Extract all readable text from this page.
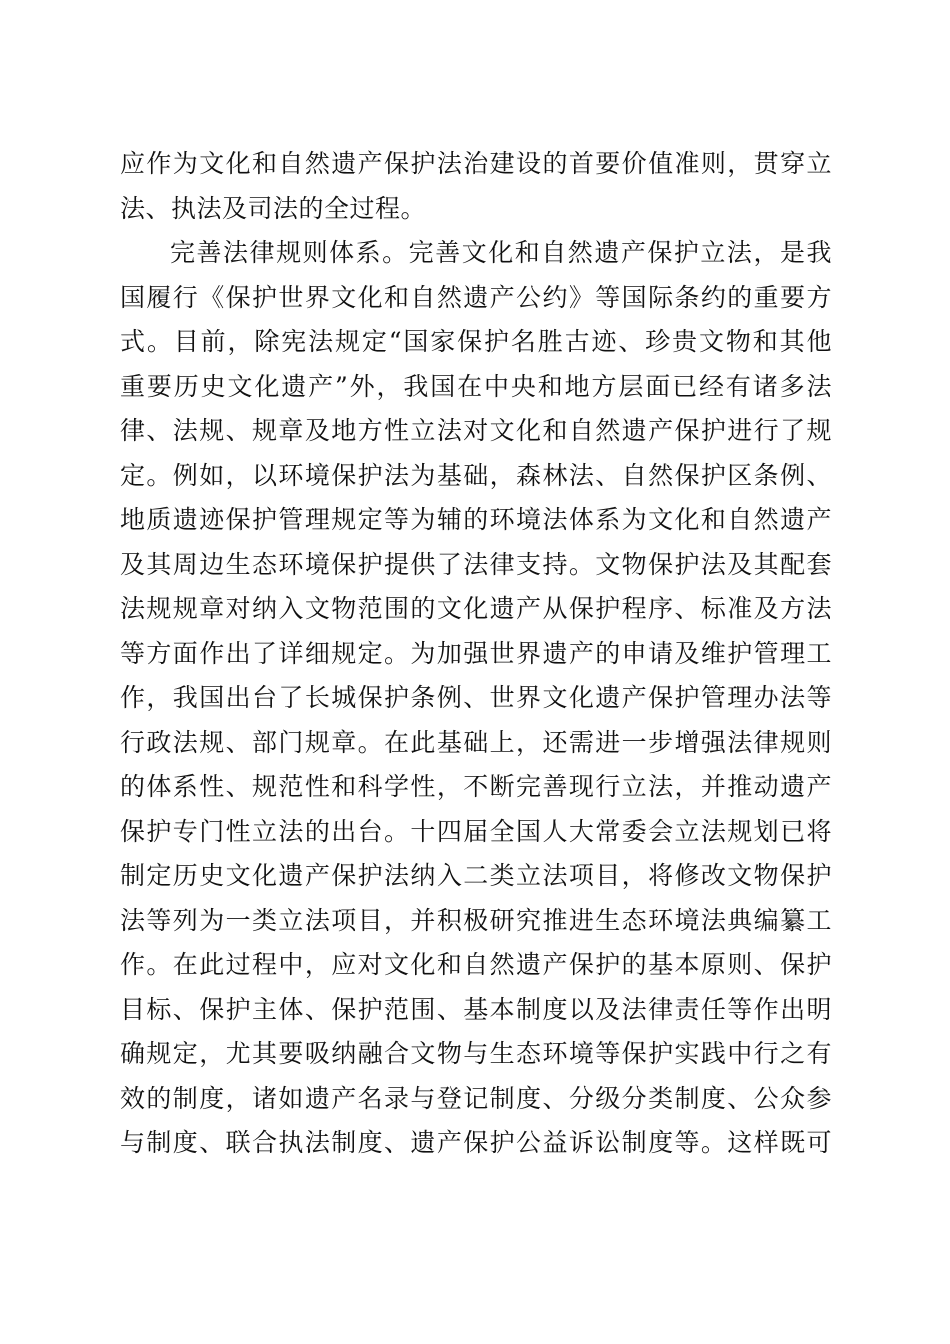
应作为文化和自然遗产保护法治建设的首要价值准则，贯穿立
法、执法及司法的全过程。
完善法律规则体系。完善文化和自然遗产保护立法，是我
国履行《保护世界文化和自然遗产公约》等国际条约的重要方
式。目前，除宪法规定“国家保护名胜古迹、珍贵文物和其他
重要历史文化遗产”外，我国在中央和地方层面已经有诸多法
律、法规、规章及地方性立法对文化和自然遗产保护进行了规
定。例如，以环境保护法为基础，森林法、自然保护区条例、
地质遗迹保护管理规定等为辅的环境法体系为文化和自然遗产
及其周边生态环境保护提供了法律支持。文物保护法及其配套
法规规章对纳入文物范围的文化遗产从保护程序、标准及方法
等方面作出了详细规定。为加强世界遗产的申请及维护管理工
作，我国出台了长城保护条例、世界文化遗产保护管理办法等
行政法规、部门规章。在此基础上，还需进一步增强法律规则
的体系性、规范性和科学性，不断完善现行立法，并推动遗产
保护专门性立法的出台。十四届全国人大常委会立法规划已将
制定历史文化遗产保护法纳入二类立法项目，将修改文物保护
法等列为一类立法项目，并积极研究推进生态环境法典编纂工
作。在此过程中，应对文化和自然遗产保护的基本原则、保护
目标、保护主体、保护范围、基本制度以及法律责任等作出明
确规定，尤其要吸纳融合文物与生态环境等保护实践中行之有
效的制度，诸如遗产名录与登记制度、分级分类制度、公众参
与制度、联合执法制度、遗产保护公益诉讼制度等。这样既可
